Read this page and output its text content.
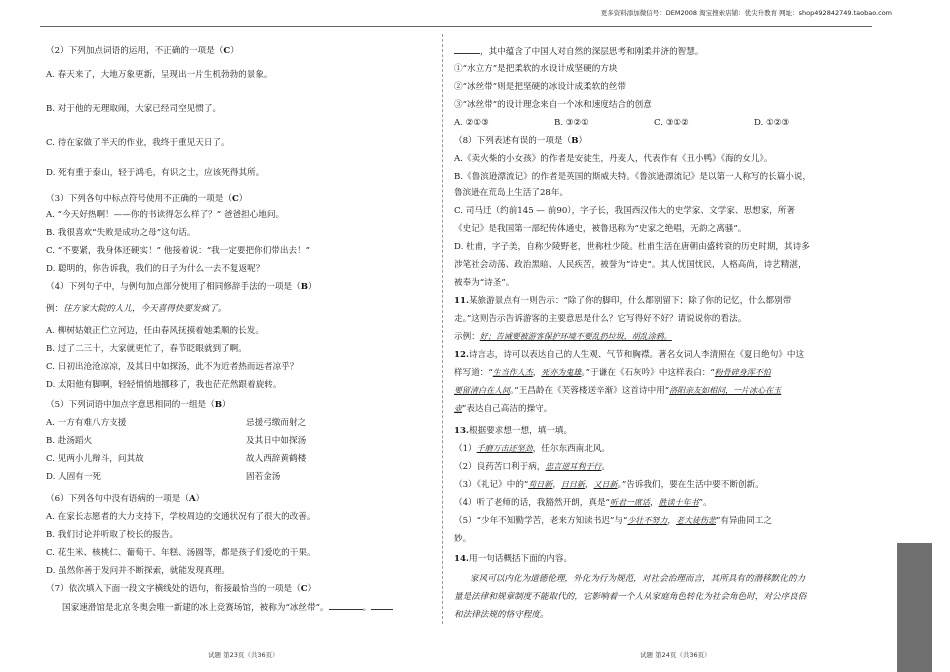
更多资料添加微信号：DEM2008 淘宝搜索店铺：优尖升教育 网址：shop492842749.taobao.com
（2）下列加点词语的运用，不正确的一项是（C）
A. 春天来了，大地万象更新，呈现出一片生机勃勃的景象。
B. 对于他的无理取闹，大家已经司空见惯了。
C. 待在家做了半天的作业，我终于重见天日了。
D. 死有重于泰山，轻于鸿毛，有识之士，应该死得其所。
（3）下列各句中标点符号使用不正确的一项是（C）
A. “今天好热啊！——你的书读得怎么样了？” 爸爸担心地问。
B. 我很喜欢“失败是成功之母”这句话。
C. “不要紧，我身体还硬实！” 他接着说：“我一定要把你们带出去！”
D. 聪明的，你告诉我，我们的日子为什么一去不复返呢？
（4）下列句子中，与例句加点部分使用了相同修辞手法的一项是（B）
例：往方家大院的人儿，今天喜得快要发疯了。
A. 柳树姑娘正伫立河边，任由春风抚摸着她柔顺的长发。
B. 过了二三十，大家就更忙了，春节眨眼就到了啊。
C. 日初出沧沧凉凉，及其日中如探汤，此不为近者热而远者凉乎？
D. 太阳他有脚啊，轻轻悄悄地挪移了，我也茫茫然跟着旋转。
（5）下列词语中加点字意思相同的一组是（B）
A. 一方有难八方支援	忌援弓缴而射之
B. 赴汤蹈火	及其日中如探汤
C. 见两小儿辩斗，问其故	故人西辞黄鹤楼
D. 人固有一死	固若金汤
（6）下列各句中没有语病的一项是（A）
A. 在家长志愿者的大力支持下，学校周边的交通状况有了很大的改善。
B. 我们讨论并听取了校长的报告。
C. 花生米、核桃仁、葡萄干、年糕、汤圆等，都是孩子们爱吃的干果。
D. 虽然你善于发问并不断探索，就能发现真理。
（7）依次填入下面一段文字横线处的语句，衔接最恰当的一项是（C）
国家速滑馆是北京冬奥会唯一新建的冰上竞赛场馆，被称为“冰丝带”。	。
试题 第23页（共36页）
，其中蕴含了中国人对自然的深层思考和刚柔并济的智慧。
①“水立方”是把柔软的水设计成坚硬的方块
②“冰丝带”则是把坚硬的冰设计成柔软的丝带
③“冰丝带”的设计理念来自一个冰和速度结合的创意
A. ②①③	B. ③②①	C. ③①②	D. ①②③
（8）下列表述有误的一项是（B）
A.《卖火柴的小女孩》的作者是安徒生，丹麦人，代表作有《丑小鸭》《海的女儿》。
B.《鲁滨逊漂流记》的作者是英国的斯威夫特。《鲁滨逊漂流记》是以第一人称写的长篇小说，
鲁滨逊在荒岛上生活了28年。
C. 司马迁（约前145 — 前90），字子长，我国西汉伟大的史学家、文学家、思想家，所著
《史记》是我国第一部纪传体通史，被鲁迅称为“史家之绝唱，无韵之离骚”。
D. 杜甫，字子美，自称少陵野老，世称杜少陵。杜甫生活在唐朝由盛转衰的历史时期，其诗多
涉笔社会动荡、政治黑暗、人民疾苦，被誉为“诗史”。其人忧国忧民，人格高尚，诗艺精湛，
被奉为“诗圣”。
11.某旅游景点有一则告示：“除了你的脚印，什么都别留下；除了你的记忆，什么都别带
走。”这则告示告诉游客的主要意思是什么？它写得好不好？请说说你的看法。
示例：好；告诫要被游客保护环境不要乱扔垃圾，胡乱涂鸦。
12.诗言志，诗可以表达自己的人生观、气节和胸襟。著名女词人李清照在《夏日绝句》中这
样写道：“生当作人杰，死亦为鬼雄。”于谦在《石灰吟》中这样表白：“粉骨碎身浑不怕
要留清白在人间。”王昌龄在《芙蓉楼送辛渐》这首诗中用“洛阳亲友如相问，一片冰心在玉
壶”表达自己高洁的操守。
13.根据要求想一想，填一填。
（1）千磨万击还坚劲，任尔东西南北风。
（2）良药苦口利于病，忠言逆耳利于行。
（3）《礼记》中的“苟日新，日日新，又日新。”告诉我们，要在生活中要不断创新。
（4）听了老师的话，我豁然开朗，真是“听君一席话，胜读十年书”。
（5）“少年不知勤学苦，老来方知读书迟”与“少壮不努力，老大徒伤悲”有异曲同工之
妙。
14.用一句话概括下面的内容。
家风可以内化为道德伦理，外化为行为规范，对社会治理而言，其所具有的潜移默化的力
量是法律和规章制度不能取代的，它影响着一个人从家庭角色转化为社会角色时，对公序良俗
和法律法规的恪守程度。
试题 第24页（共36页）
